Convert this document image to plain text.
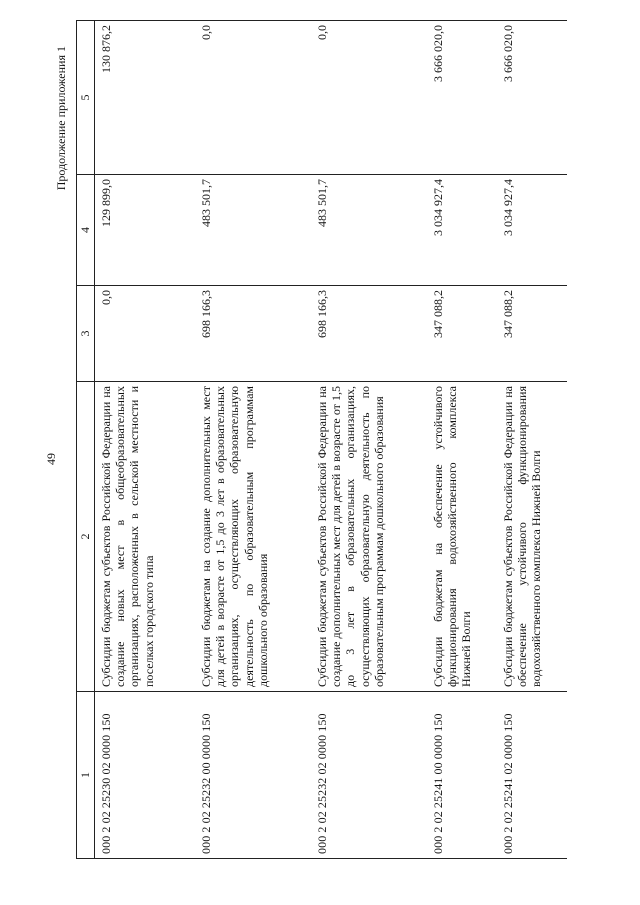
49
Продолжение приложения 1
1	2	3	4	5
000 2 02 25230 02 0000 150	Субсидии бюджетам субъектов Российской Федерации на создание новых мест в общеобразовательных организациях, расположенных в сельской местности и поселках городского типа	0,0	129 899,0	130 876,2
000 2 02 25232 00 0000 150	Субсидии бюджетам на создание дополнительных мест для детей в возрасте от 1,5 до 3 лет в образовательных организациях, осуществляющих образовательную деятельность по образовательным программам дошкольного образования	698 166,3	483 501,7	0,0
000 2 02 25232 02 0000 150	Субсидии бюджетам субъектов Российской Федерации на создание дополнительных мест для детей в возрасте от 1,5 до 3 лет в образовательных организациях, осуществляющих образовательную деятельность по образовательным программам дошкольного образования	698 166,3	483 501,7	0,0
000 2 02 25241 00 0000 150	Субсидии бюджетам на обеспечение устойчивого функционирования водохозяйственного комплекса Нижней Волги	347 088,2	3 034 927,4	3 666 020,0
000 2 02 25241 02 0000 150	Субсидии бюджетам субъектов Российской Федерации на обеспечение устойчивого функционирования водохозяйственного комплекса Нижней Волги	347 088,2	3 034 927,4	3 666 020,0
